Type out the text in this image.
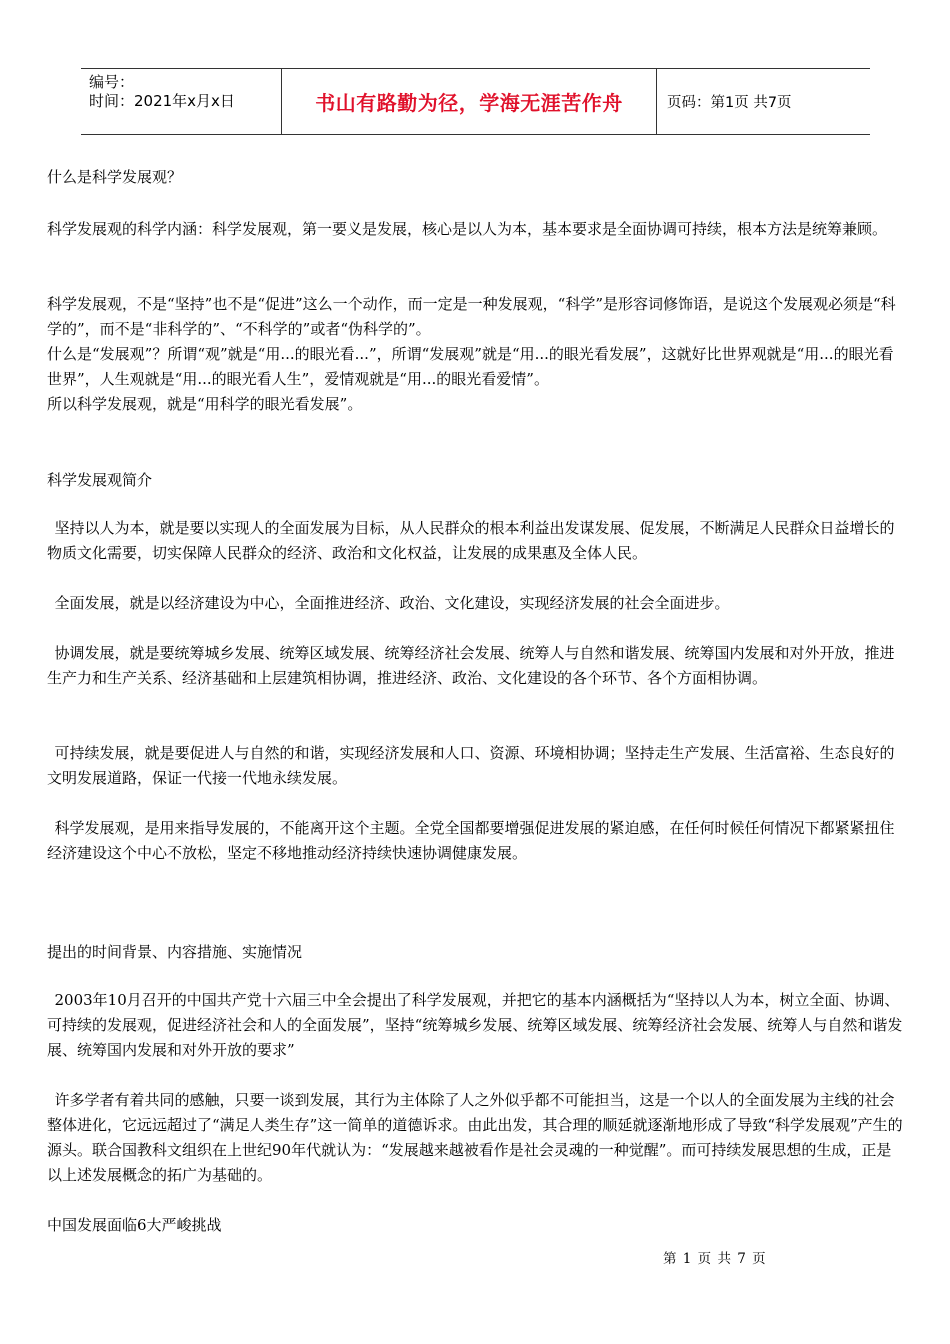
编号：
时间：2021年x月x日	书山有路勤为径，学海无涯苦作舟	页码：第1页 共7页

什么是科学发展观？

科学发展观的科学内涵：科学发展观，第一要义是发展，核心是以人为本，基本要求是全面协调可持续，根本方法是统筹兼顾。

科学发展观，不是“坚持”也不是“促进”这么一个动作，而一定是一种发展观，“科学”是形容词修饰语，是说这个发展观必须是“科学的”，而不是“非科学的”、“不科学的”或者“伪科学的”。

什么是“发展观”？所谓“观”就是“用...的眼光看...”，所谓“发展观”就是“用...的眼光看发展”，这就好比世界观就是“用...的眼光看世界”，人生观就是“用...的眼光看人生”，爱情观就是“用...的眼光看爱情”。

所以科学发展观，就是“用科学的眼光看发展”。

科学发展观简介

坚持以人为本，就是要以实现人的全面发展为目标，从人民群众的根本利益出发谋发展、促发展，不断满足人民群众日益增长的物质文化需要，切实保障人民群众的经济、政治和文化权益，让发展的成果惠及全体人民。

全面发展，就是以经济建设为中心，全面推进经济、政治、文化建设，实现经济发展的社会全面进步。

协调发展，就是要统筹城乡发展、统筹区域发展、统筹经济社会发展、统筹人与自然和谐发展、统筹国内发展和对外开放，推进生产力和生产关系、经济基础和上层建筑相协调，推进经济、政治、文化建设的各个环节、各个方面相协调。

可持续发展，就是要促进人与自然的和谐，实现经济发展和人口、资源、环境相协调；坚持走生产发展、生活富裕、生态良好的文明发展道路，保证一代接一代地永续发展。

科学发展观，是用来指导发展的，不能离开这个主题。全党全国都要增强促进发展的紧迫感，在任何时候任何情况下都紧紧扭住经济建设这个中心不放松，坚定不移地推动经济持续快速协调健康发展。

提出的时间背景、内容措施、实施情况

2003年10月召开的中国共产党十六届三中全会提出了科学发展观，并把它的基本内涵概括为“坚持以人为本，树立全面、协调、可持续的发展观，促进经济社会和人的全面发展”，坚持“统筹城乡发展、统筹区域发展、统筹经济社会发展、统筹人与自然和谐发展、统筹国内发展和对外开放的要求”

许多学者有着共同的感触，只要一谈到发展，其行为主体除了人之外似乎都不可能担当，这是一个以人的全面发展为主线的社会整体进化，它远远超过了“满足人类生存”这一简单的道德诉求。由此出发，其合理的顺延就逐渐地形成了导致“科学发展观”产生的源头。联合国教科文组织在上世纪90年代就认为：“发展越来越被看作是社会灵魂的一种觉醒”。而可持续发展思想的生成，正是以上述发展概念的拓广为基础的。

中国发展面临6大严峻挑战

第 1 页 共 7 页
